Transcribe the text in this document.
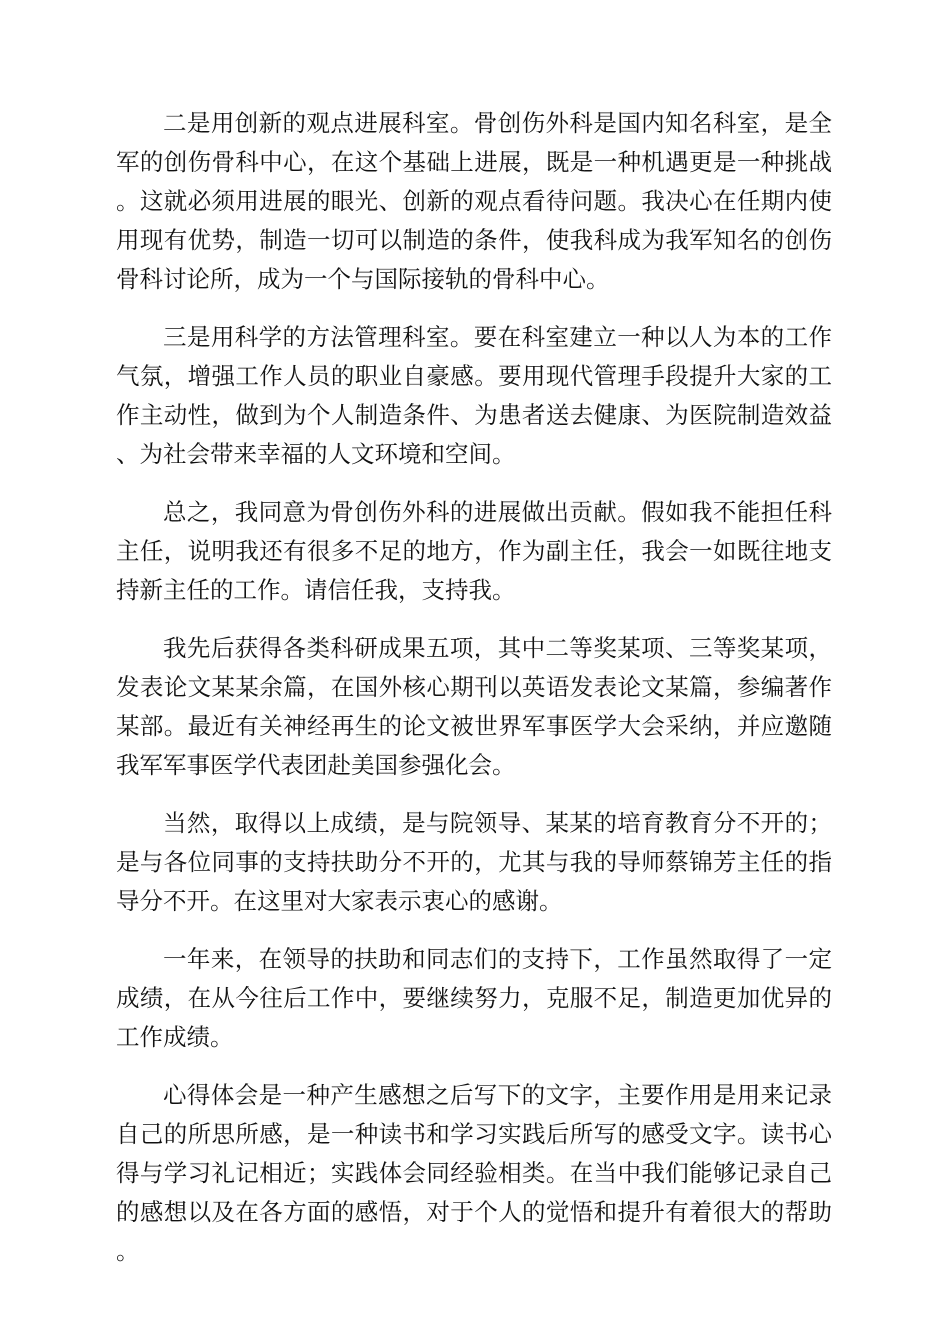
二是用创新的观点进展科室。骨创伤外科是国内知名科室，是全军的创伤骨科中心，在这个基础上进展，既是一种机遇更是一种挑战。这就必须用进展的眼光、创新的观点看待问题。我决心在任期内使用现有优势，制造一切可以制造的条件，使我科成为我军知名的创伤骨科讨论所，成为一个与国际接轨的骨科中心。

三是用科学的方法管理科室。要在科室建立一种以人为本的工作气氛，增强工作人员的职业自豪感。要用现代管理手段提升大家的工作主动性，做到为个人制造条件、为患者送去健康、为医院制造效益、为社会带来幸福的人文环境和空间。

总之，我同意为骨创伤外科的进展做出贡献。假如我不能担任科主任，说明我还有很多不足的地方，作为副主任，我会一如既往地支持新主任的工作。请信任我，支持我。

我先后获得各类科研成果五项，其中二等奖某项、三等奖某项，发表论文某某余篇，在国外核心期刊以英语发表论文某篇，参编著作某部。最近有关神经再生的论文被世界军事医学大会采纳，并应邀随我军军事医学代表团赴美国参强化会。

当然，取得以上成绩，是与院领导、某某的培育教育分不开的；是与各位同事的支持扶助分不开的，尤其与我的导师蔡锦芳主任的指导分不开。在这里对大家表示衷心的感谢。

一年来，在领导的扶助和同志们的支持下，工作虽然取得了一定成绩，在从今往后工作中，要继续努力，克服不足，制造更加优异的工作成绩。

心得体会是一种产生感想之后写下的文字，主要作用是用来记录自己的所思所感，是一种读书和学习实践后所写的感受文字。读书心得与学习礼记相近；实践体会同经验相类。在当中我们能够记录自己的感想以及在各方面的感悟，对于个人的觉悟和提升有着很大的帮助。
